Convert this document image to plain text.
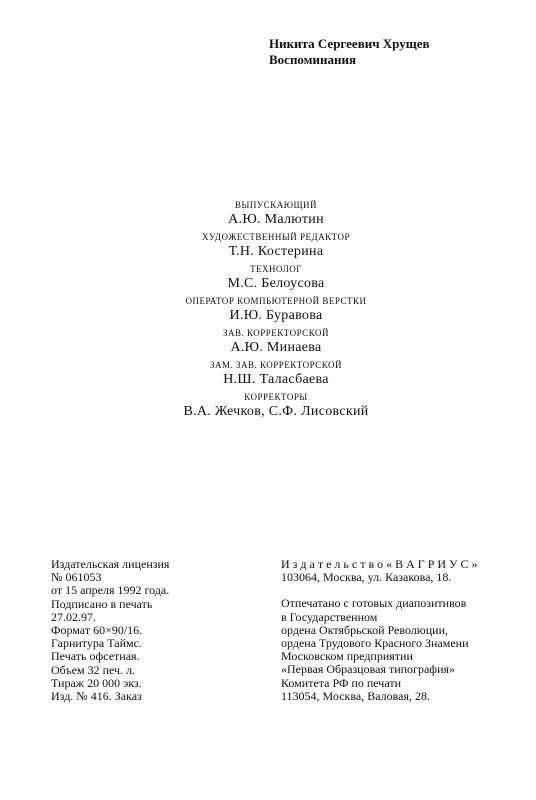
Никита Сергеевич Хрущев
Воспоминания
ВЫПУСКАЮЩИЙ
А.Ю. Малютин
ХУДОЖЕСТВЕННЫЙ РЕДАКТОР
Т.Н. Костерина
ТЕХНОЛОГ
М.С. Белоусова
ОПЕРАТОР КОМПЬЮТЕРНОЙ ВЕРСТКИ
И.Ю. Буравова
ЗАВ. КОРРЕКТОРСКОЙ
А.Ю. Минаева
ЗАМ. ЗАВ. КОРРЕКТОРСКОЙ
Н.Ш. Таласбаева
КОРРЕКТОРЫ
В.А. Жечков, С.Ф. Лисовский
Издательская лицензия
№ 061053
от 15 апреля 1992 года.
Подписано в печать
27.02.97.
Формат 60×90/16.
Гарнитура Таймс.
Печать офсетная.
Объем 32 печ. л.
Тираж 20 000 экз.
Изд. № 416. Заказ
И з д а т е л ь с т в о « В А Г Р И У С »
103064, Москва, ул. Казакова, 18.
Отпечатано с готовых диапозитивов
в Государственном
ордена Октябрьской Революции,
ордена Трудового Красного Знамени
Московском предприятии
«Первая Образцовая типография»
Комитета РФ по печати
113054, Москва, Валовая, 28.
